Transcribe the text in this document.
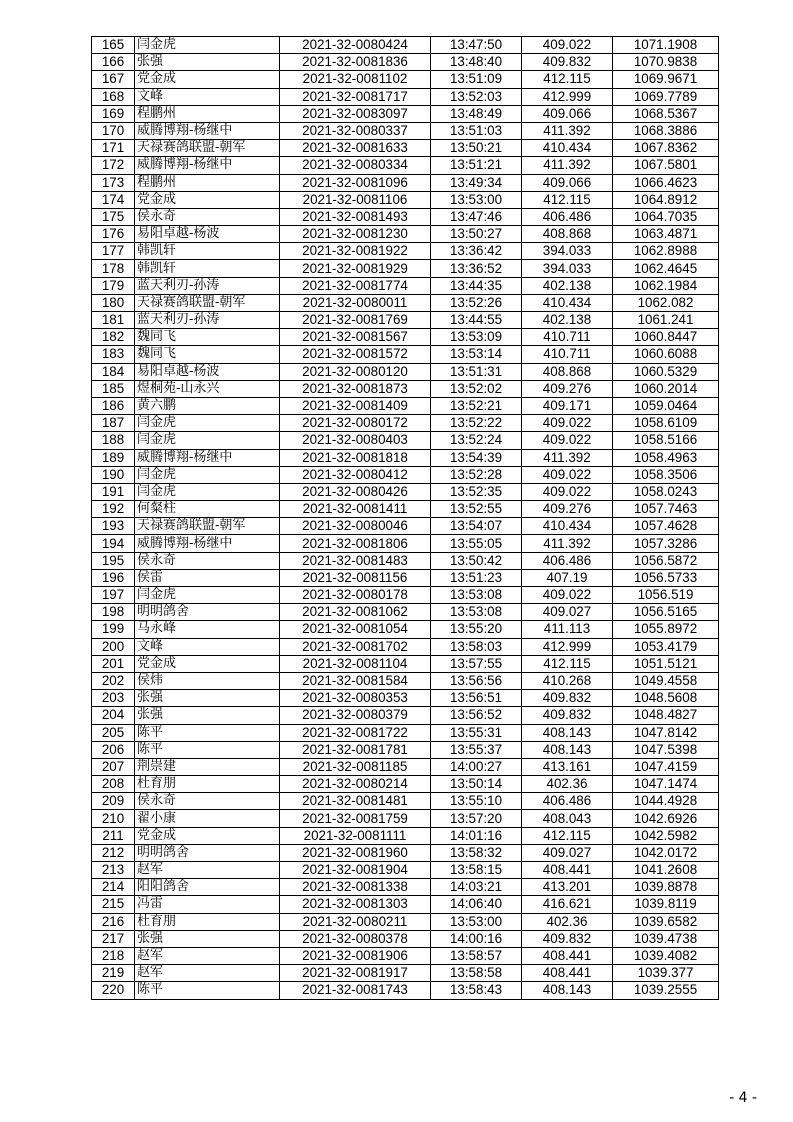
165	闫金虎	2021-32-0080424	13:47:50	409.022	1071.1908
166	张强	2021-32-0081836	13:48:40	409.832	1070.9838
167	党金成	2021-32-0081102	13:51:09	412.115	1069.9671
168	文峰	2021-32-0081717	13:52:03	412.999	1069.7789
169	程鹏州	2021-32-0083097	13:48:49	409.066	1068.5367
170	威腾博翔-杨继中	2021-32-0080337	13:51:03	411.392	1068.3886
171	天禄赛鸽联盟-朝军	2021-32-0081633	13:50:21	410.434	1067.8362
172	威腾博翔-杨继中	2021-32-0080334	13:51:21	411.392	1067.5801
173	程鹏州	2021-32-0081096	13:49:34	409.066	1066.4623
174	党金成	2021-32-0081106	13:53:00	412.115	1064.8912
175	侯永奇	2021-32-0081493	13:47:46	406.486	1064.7035
176	易阳卓越-杨波	2021-32-0081230	13:50:27	408.868	1063.4871
177	韩凯轩	2021-32-0081922	13:36:42	394.033	1062.8988
178	韩凯轩	2021-32-0081929	13:36:52	394.033	1062.4645
179	蓝天利刃-孙涛	2021-32-0081774	13:44:35	402.138	1062.1984
180	天禄赛鸽联盟-朝军	2021-32-0080011	13:52:26	410.434	1062.082
181	蓝天利刃-孙涛	2021-32-0081769	13:44:55	402.138	1061.241
182	魏同飞	2021-32-0081567	13:53:09	410.711	1060.8447
183	魏同飞	2021-32-0081572	13:53:14	410.711	1060.6088
184	易阳卓越-杨波	2021-32-0080120	13:51:31	408.868	1060.5329
185	煜桐苑-山永兴	2021-32-0081873	13:52:02	409.276	1060.2014
186	黄六鹏	2021-32-0081409	13:52:21	409.171	1059.0464
187	闫金虎	2021-32-0080172	13:52:22	409.022	1058.6109
188	闫金虎	2021-32-0080403	13:52:24	409.022	1058.5166
189	威腾博翔-杨继中	2021-32-0081818	13:54:39	411.392	1058.4963
190	闫金虎	2021-32-0080412	13:52:28	409.022	1058.3506
191	闫金虎	2021-32-0080426	13:52:35	409.022	1058.0243
192	何粲柱	2021-32-0081411	13:52:55	409.276	1057.7463
193	天禄赛鸽联盟-朝军	2021-32-0080046	13:54:07	410.434	1057.4628
194	威腾博翔-杨继中	2021-32-0081806	13:55:05	411.392	1057.3286
195	侯永奇	2021-32-0081483	13:50:42	406.486	1056.5872
196	侯雷	2021-32-0081156	13:51:23	407.19	1056.5733
197	闫金虎	2021-32-0080178	13:53:08	409.022	1056.519
198	明明鸽舍	2021-32-0081062	13:53:08	409.027	1056.5165
199	马永峰	2021-32-0081054	13:55:20	411.113	1055.8972
200	文峰	2021-32-0081702	13:58:03	412.999	1053.4179
201	党金成	2021-32-0081104	13:57:55	412.115	1051.5121
202	侯炜	2021-32-0081584	13:56:56	410.268	1049.4558
203	张强	2021-32-0080353	13:56:51	409.832	1048.5608
204	张强	2021-32-0080379	13:56:52	409.832	1048.4827
205	陈平	2021-32-0081722	13:55:31	408.143	1047.8142
206	陈平	2021-32-0081781	13:55:37	408.143	1047.5398
207	荆崇建	2021-32-0081185	14:00:27	413.161	1047.4159
208	杜育朋	2021-32-0080214	13:50:14	402.36	1047.1474
209	侯永奇	2021-32-0081481	13:55:10	406.486	1044.4928
210	翟小康	2021-32-0081759	13:57:20	408.043	1042.6926
211	党金成	2021-32-0081111	14:01:16	412.115	1042.5982
212	明明鸽舍	2021-32-0081960	13:58:32	409.027	1042.0172
213	赵军	2021-32-0081904	13:58:15	408.441	1041.2608
214	阳阳鸽舍	2021-32-0081338	14:03:21	413.201	1039.8878
215	冯雷	2021-32-0081303	14:06:40	416.621	1039.8119
216	杜育朋	2021-32-0080211	13:53:00	402.36	1039.6582
217	张强	2021-32-0080378	14:00:16	409.832	1039.4738
218	赵军	2021-32-0081906	13:58:57	408.441	1039.4082
219	赵军	2021-32-0081917	13:58:58	408.441	1039.377
220	陈平	2021-32-0081743	13:58:43	408.143	1039.2555
- 4 -
